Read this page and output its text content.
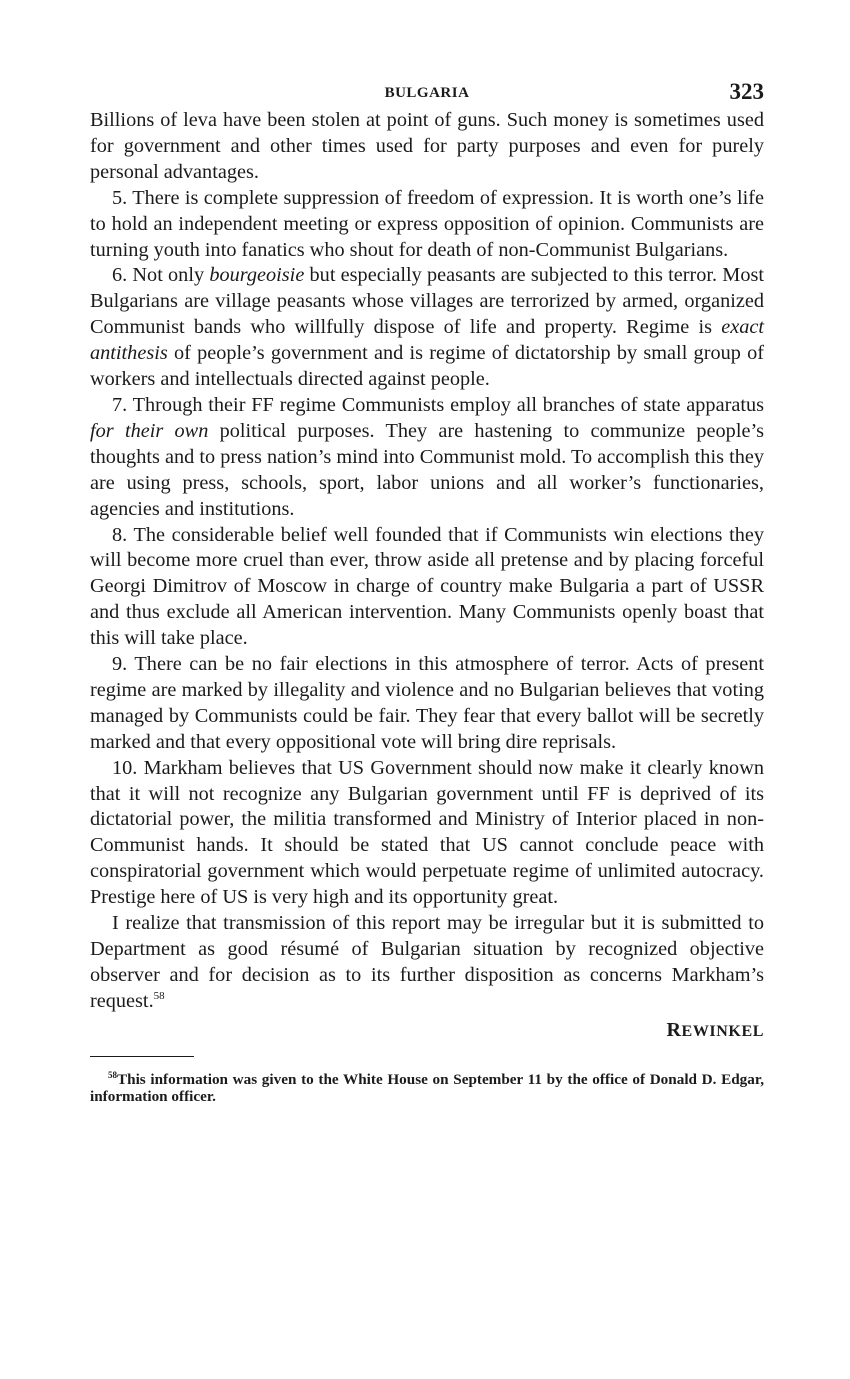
BULGARIA	323

Billions of leva have been stolen at point of guns. Such money is sometimes used for government and other times used for party purposes and even for purely personal advantages.

5. There is complete suppression of freedom of expression. It is worth one’s life to hold an independent meeting or express opposition of opinion. Communists are turning youth into fanatics who shout for death of non-Communist Bulgarians.

6. Not only bourgeoisie but especially peasants are subjected to this terror. Most Bulgarians are village peasants whose villages are terrorized by armed, organized Communist bands who willfully dispose of life and property. Regime is exact antithesis of people’s government and is regime of dictatorship by small group of workers and intellectuals directed against people.

7. Through their FF regime Communists employ all branches of state apparatus for their own political purposes. They are hastening to communize people’s thoughts and to press nation’s mind into Communist mold. To accomplish this they are using press, schools, sport, labor unions and all worker’s functionaries, agencies and institutions.

8. The considerable belief well founded that if Communists win elections they will become more cruel than ever, throw aside all pretense and by placing forceful Georgi Dimitrov of Moscow in charge of country make Bulgaria a part of USSR and thus exclude all American intervention. Many Communists openly boast that this will take place.

9. There can be no fair elections in this atmosphere of terror. Acts of present regime are marked by illegality and violence and no Bulgarian believes that voting managed by Communists could be fair. They fear that every ballot will be secretly marked and that every oppositional vote will bring dire reprisals.

10. Markham believes that US Government should now make it clearly known that it will not recognize any Bulgarian government until FF is deprived of its dictatorial power, the militia transformed and Ministry of Interior placed in non-Communist hands. It should be stated that US cannot conclude peace with conspiratorial government which would perpetuate regime of unlimited autocracy. Prestige here of US is very high and its opportunity great.

I realize that transmission of this report may be irregular but it is submitted to Department as good résumé of Bulgarian situation by recognized objective observer and for decision as to its further disposition as concerns Markham’s request.$^{58}$

REWINKEL
$^{58}$This information was given to the White House on September 11 by the office of Donald D. Edgar, information officer.
